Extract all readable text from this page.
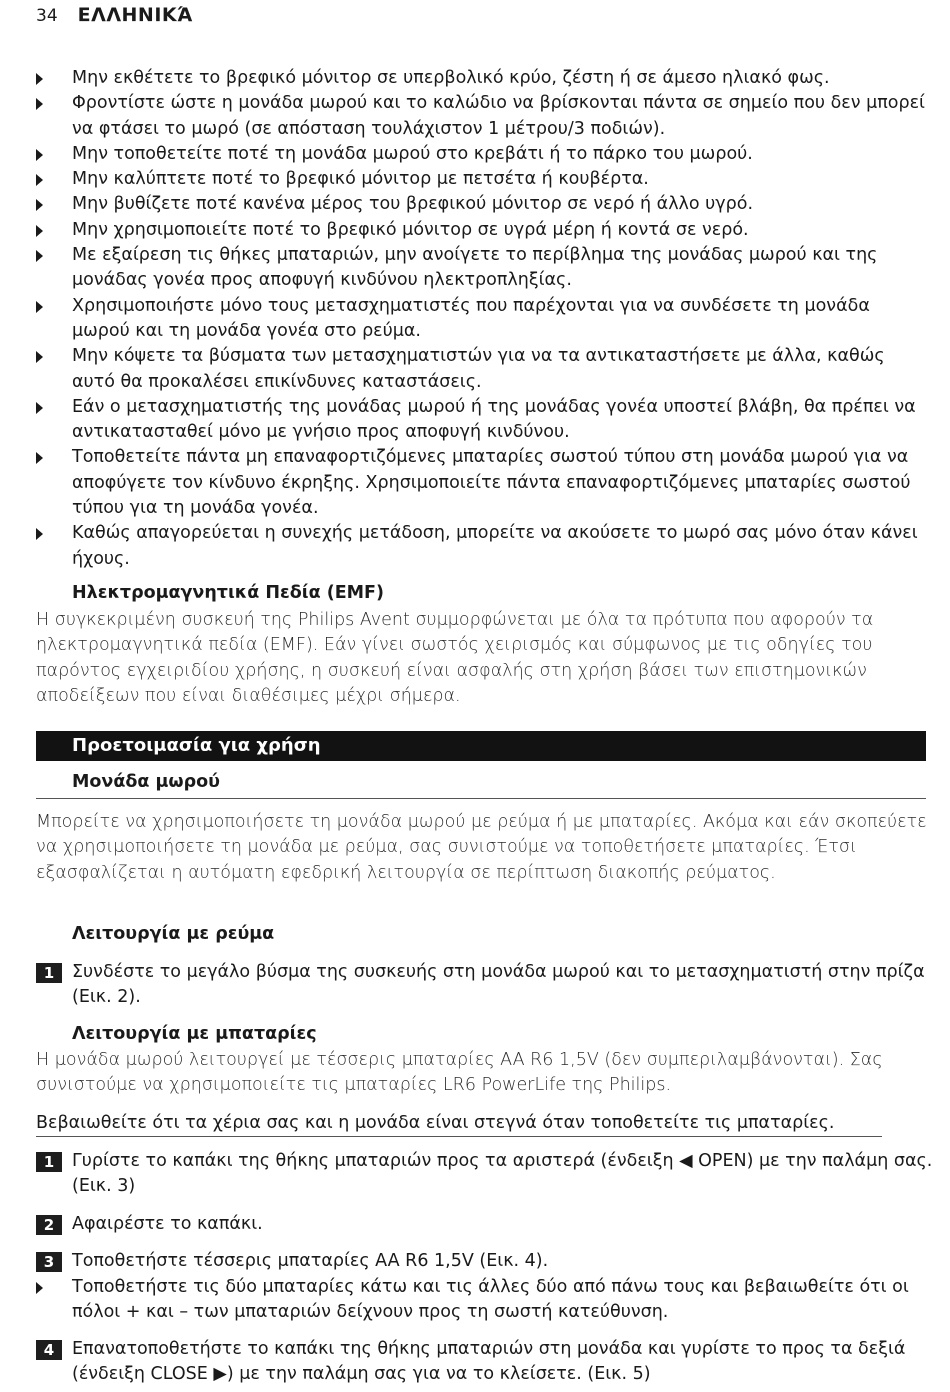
34 ΕΛΛΗΝΙΚΆ
Μην εκθέτετε το βρεφικό μόνιτορ σε υπερβολικό κρύο, ζέστη ή σε άμεσο ηλιακό φως.
Φροντίστε ώστε η μονάδα μωρού και το καλώδιο να βρίσκονται πάντα σε σημείο που δεν μπορεί να φτάσει το μωρό (σε απόσταση τουλάχιστον 1 μέτρου/3 ποδιών).
Μην τοποθετείτε ποτέ τη μονάδα μωρού στο κρεβάτι ή το πάρκο του μωρού.
Μην καλύπτετε ποτέ το βρεφικό μόνιτορ με πετσέτα ή κουβέρτα.
Μην βυθίζετε ποτέ κανένα μέρος του βρεφικού μόνιτορ σε νερό ή άλλο υγρό.
Μην χρησιμοποιείτε ποτέ το βρεφικό μόνιτορ σε υγρά μέρη ή κοντά σε νερό.
Με εξαίρεση τις θήκες μπαταριών, μην ανοίγετε το περίβλημα της μονάδας μωρού και της μονάδας γονέα προς αποφυγή κινδύνου ηλεκτροπληξίας.
Χρησιμοποιήστε μόνο τους μετασχηματιστές που παρέχονται για να συνδέσετε τη μονάδα μωρού και τη μονάδα γονέα στο ρεύμα.
Μην κόψετε τα βύσματα των μετασχηματιστών για να τα αντικαταστήσετε με άλλα, καθώς αυτό θα προκαλέσει επικίνδυνες καταστάσεις.
Εάν ο μετασχηματιστής της μονάδας μωρού ή της μονάδας γονέα υποστεί βλάβη, θα πρέπει να αντικατασταθεί μόνο με γνήσιο προς αποφυγή κινδύνου.
Τοποθετείτε πάντα μη επαναφορτιζόμενες μπαταρίες σωστού τύπου στη μονάδα μωρού για να αποφύγετε τον κίνδυνο έκρηξης. Χρησιμοποιείτε πάντα επαναφορτιζόμενες μπαταρίες σωστού τύπου για τη μονάδα γονέα.
Καθώς απαγορεύεται η συνεχής μετάδοση, μπορείτε να ακούσετε το μωρό σας μόνο όταν κάνει ήχους.
Ηλεκτρομαγνητικά Πεδία (EMF)
Η συγκεκριμένη συσκευή της Philips Avent συμμορφώνεται με όλα τα πρότυπα που αφορούν τα ηλεκτρομαγνητικά πεδία (EMF). Εάν γίνει σωστός χειρισμός και σύμφωνος με τις οδηγίες του παρόντος εγχειριδίου χρήσης, η συσκευή είναι ασφαλής στη χρήση βάσει των επιστημονικών αποδείξεων που είναι διαθέσιμες μέχρι σήμερα.
Προετοιμασία για χρήση
Μονάδα μωρού
Μπορείτε να χρησιμοποιήσετε τη μονάδα μωρού με ρεύμα ή με μπαταρίες. Ακόμα και εάν σκοπεύετε να χρησιμοποιήσετε τη μονάδα με ρεύμα, σας συνιστούμε να τοποθετήσετε μπαταρίες. Έτσι εξασφαλίζεται η αυτόματη εφεδρική λειτουργία σε περίπτωση διακοπής ρεύματος.
Λειτουργία με ρεύμα
1	Συνδέστε το μεγάλο βύσμα της συσκευής στη μονάδα μωρού και το μετασχηματιστή στην πρίζα (Εικ. 2).
Λειτουργία με μπαταρίες
Η μονάδα μωρού λειτουργεί με τέσσερις μπαταρίες AA R6 1,5V (δεν συμπεριλαμβάνονται). Σας συνιστούμε να χρησιμοποιείτε τις μπαταρίες LR6 PowerLife της Philips.
Βεβαιωθείτε ότι τα χέρια σας και η μονάδα είναι στεγνά όταν τοποθετείτε τις μπαταρίες.
1	Γυρίστε το καπάκι της θήκης μπαταριών προς τα αριστερά (ένδειξη ◀ OPEN) με την παλάμη σας. (Εικ. 3)
2	Αφαιρέστε το καπάκι.
3	Τοποθετήστε τέσσερις μπαταρίες AA R6 1,5V (Εικ. 4).
Τοποθετήστε τις δύο μπαταρίες κάτω και τις άλλες δύο από πάνω τους και βεβαιωθείτε ότι οι πόλοι + και – των μπαταριών δείχνουν προς τη σωστή κατεύθυνση.
4	Επανατοποθετήστε το καπάκι της θήκης μπαταριών στη μονάδα και γυρίστε το προς τα δεξιά (ένδειξη CLOSE ▶) με την παλάμη σας για να το κλείσετε. (Εικ. 5)
